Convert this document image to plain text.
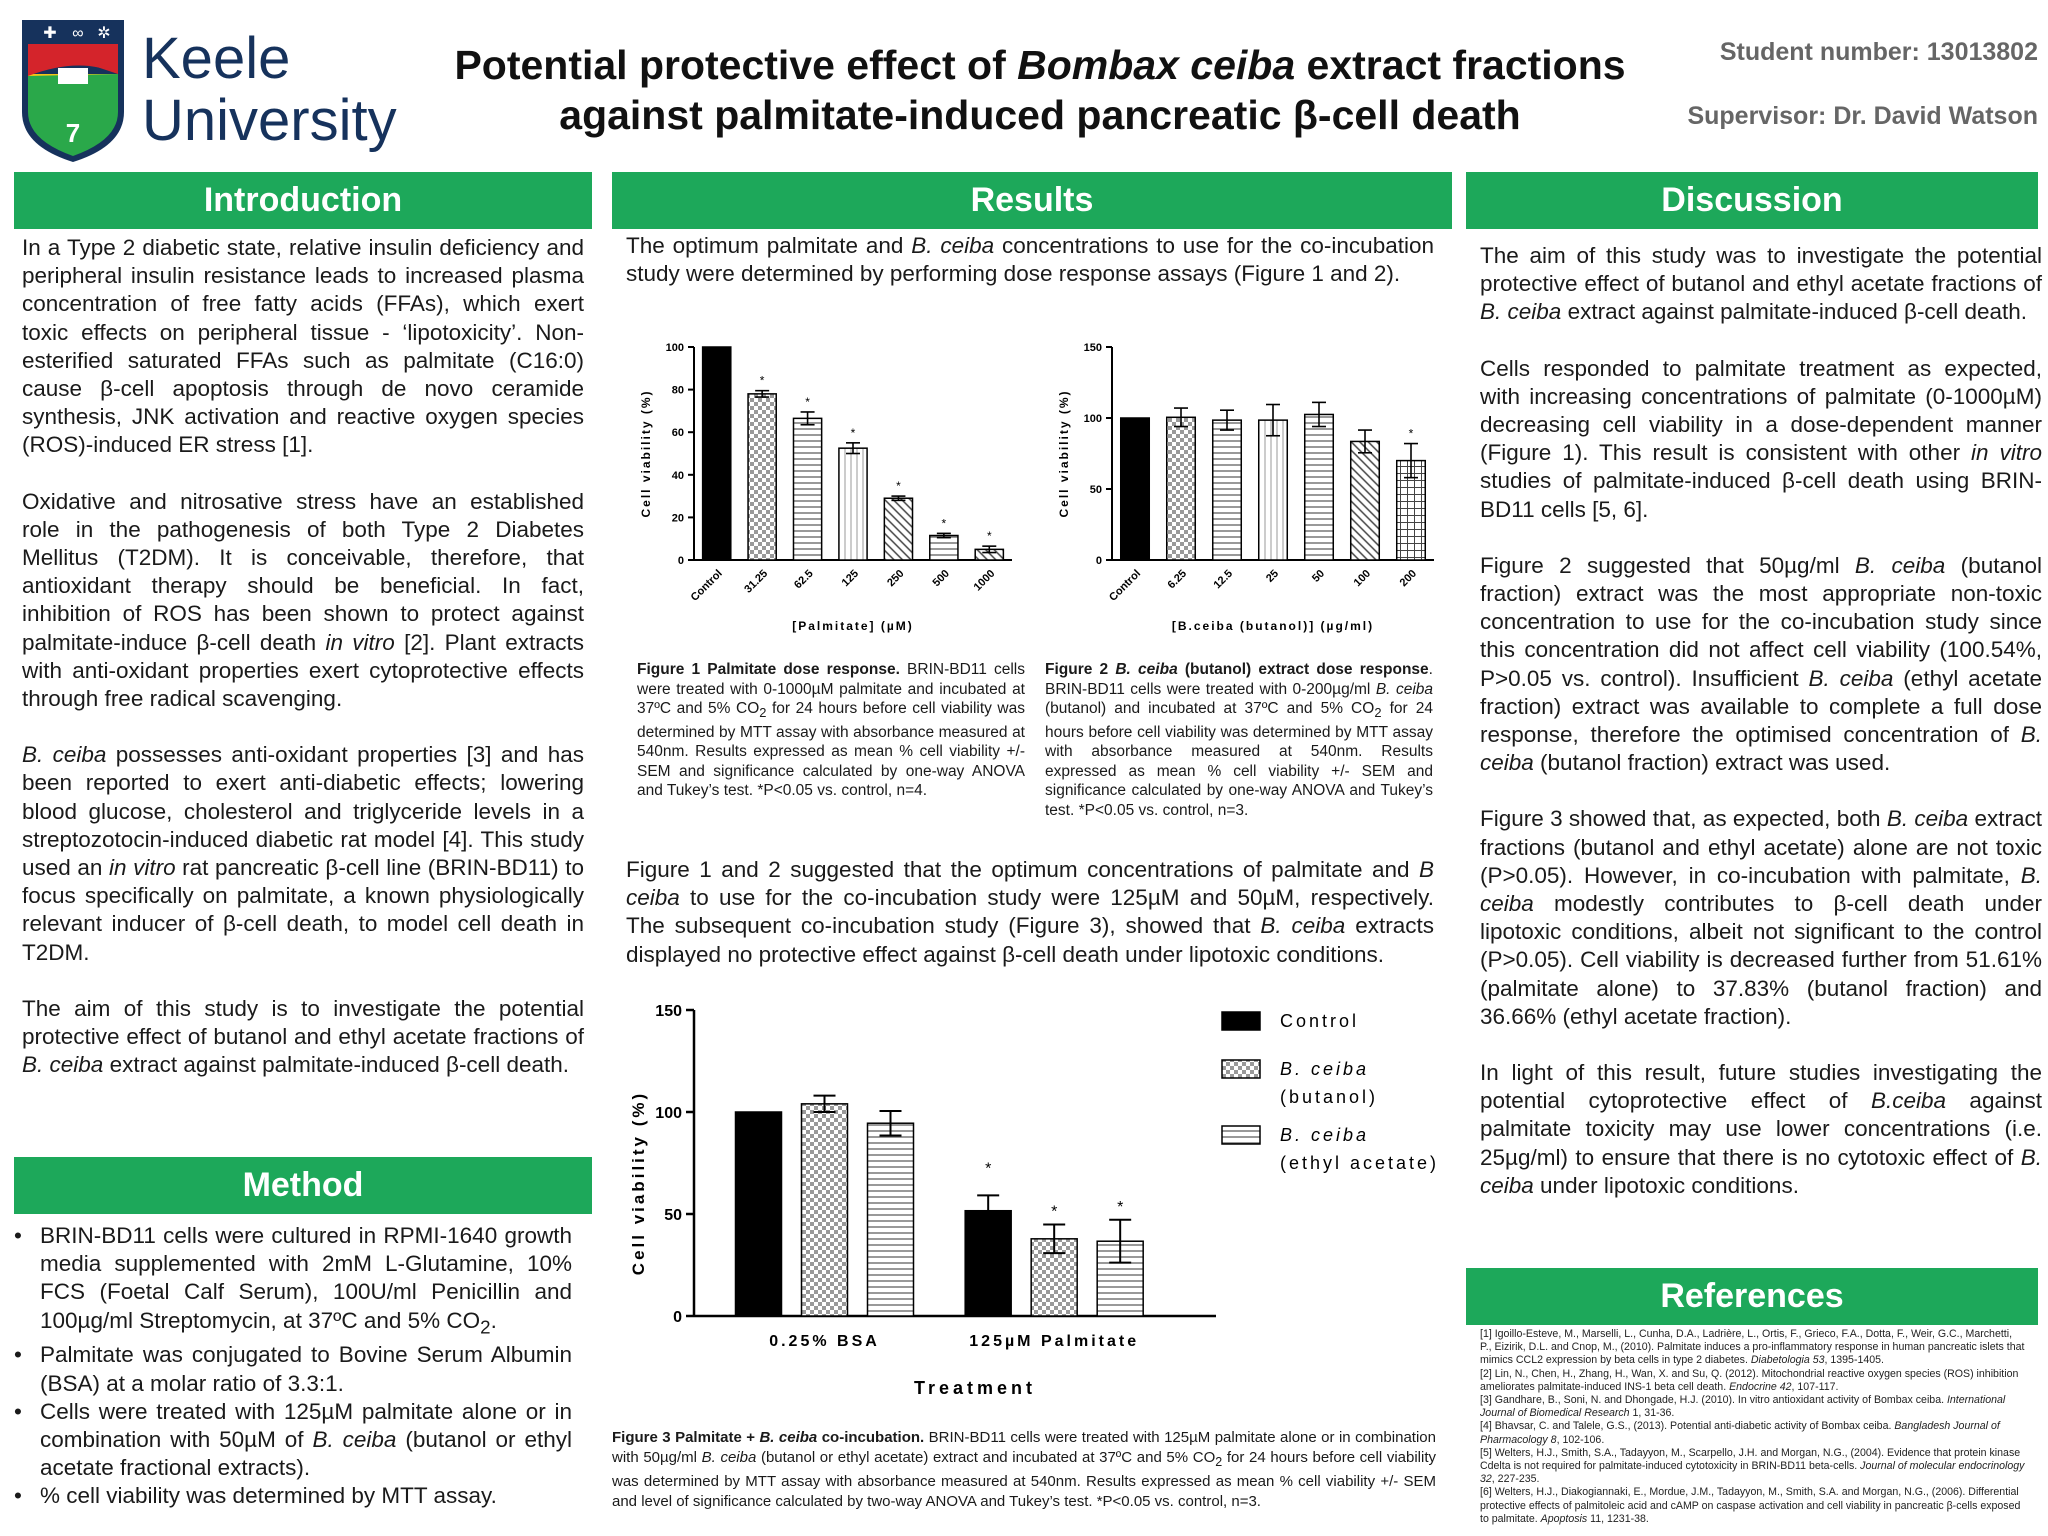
7
✚ ∞ ✲ Keele
University
Potential protective effect of Bombax ceiba extract fractions
against palmitate-induced pancreatic β-cell death
Student number: 13013802
Supervisor: Dr. David Watson
Introduction	Results	Discussion
Method
References

In a Type 2 diabetic state, relative insulin deficiency and peripheral insulin resistance leads to increased plasma concentration of free fatty acids (FFAs), which exert toxic effects on peripheral tissue - ‘lipotoxicity’. Non-esterified saturated FFAs such as palmitate (C16:0) cause β-cell apoptosis through de novo ceramide synthesis, JNK activation and reactive oxygen species (ROS)-induced ER stress [1].

Oxidative and nitrosative stress have an established role in the pathogenesis of both Type 2 Diabetes Mellitus (T2DM). It is conceivable, therefore, that antioxidant therapy should be beneficial. In fact, inhibition of ROS has been shown to protect against palmitate-induce β-cell death in vitro [2]. Plant extracts with anti-oxidant properties exert cytoprotective effects through free radical scavenging.

B. ceiba possesses anti-oxidant properties [3] and has been reported to exert anti-diabetic effects; lowering blood glucose, cholesterol and triglyceride levels in a streptozotocin-induced diabetic rat model [4]. This study used an in vitro rat pancreatic β-cell line (BRIN-BD11) to focus specifically on palmitate, a known physiologically relevant inducer of β-cell death, to model cell death in T2DM.

The aim of this study is to investigate the potential protective effect of butanol and ethyl acetate fractions of B. ceiba extract against palmitate-induced β-cell death.

• BRIN-BD11 cells were cultured in RPMI-1640 growth media supplemented with 2mM L-Glutamine, 10% FCS (Foetal Calf Serum), 100U/ml Penicillin and 100µg/ml Streptomycin, at 37ºC and 5% $CO_2$.
• Palmitate was conjugated to Bovine Serum Albumin (BSA) at a molar ratio of 3.3:1.
• Cells were treated with 125µM palmitate alone or in combination with 50µM of B. ceiba (butanol or ethyl acetate fractional extracts).
• % cell viability was determined by MTT assay.

The optimum palmitate and B. ceiba concentrations to use for the co-incubation study were determined by performing dose response assays (Figure 1 and 2).

0
20
40
60
80
100
Control
*
31.25
*
62.5
*
125
*
250
*
500
*
1000
Cell viability (%)
[Palmitate] (µM)
0
50
100
150
Control 6.25 12.5	25	50 100
*
200
Cell viability (%)
[B.ceiba (butanol)] (µg/ml)
Figure 1 Palmitate dose response. BRIN-BD11 cells were treated with 0-1000µM palmitate and incubated at 37ºC and 5% $CO_2$ for 24 hours before cell viability was determined by MTT assay with absorbance measured at 540nm. Results expressed as mean % cell viability +/- SEM and significance calculated by one-way ANOVA and Tukey’s test. *P<0.05 vs. control, n=4.
Figure 2 B. ceiba (butanol) extract dose response. BRIN-BD11 cells were treated with 0-200µg/ml B. ceiba (butanol) and incubated at 37ºC and 5% $CO_2$ for 24 hours before cell viability was determined by MTT assay with absorbance measured at 540nm. Results expressed as mean % cell viability +/- SEM and significance calculated by one-way ANOVA and Tukey’s test. *P<0.05 vs. control, n=3.

Figure 1 and 2 suggested that the optimum concentrations of palmitate and B ceiba to use for the co-incubation study were 125µM and 50µM, respectively. The subsequent co-incubation study (Figure 3), showed that B. ceiba extracts displayed no protective effect against β-cell death under lipotoxic conditions.

0
50
100
150
0.25% BSA
*
*	*
125µM Palmitate
Cell viability (%)
Treatment
Control
B. ceiba
(butanol)
B. ceiba
(ethyl acetate)
Figure 3 Palmitate + B. ceiba co-incubation. BRIN-BD11 cells were treated with 125µM palmitate alone or in combination with 50µg/ml B. ceiba (butanol or ethyl acetate) extract and incubated at 37ºC and 5% $CO_2$ for 24 hours before cell viability was determined by MTT assay with absorbance measured at 540nm. Results expressed as mean % cell viability +/- SEM and level of significance calculated by two-way ANOVA and Tukey’s test. *P<0.05 vs. control, n=3.

The aim of this study was to investigate the potential protective effect of butanol and ethyl acetate fractions of B. ceiba extract against palmitate-induced β-cell death.

Cells responded to palmitate treatment as expected, with increasing concentrations of palmitate (0-1000µM) decreasing cell viability in a dose-dependent manner (Figure 1). This result is consistent with other in vitro studies of palmitate-induced β-cell death using BRIN-BD11 cells [5, 6].

Figure 2 suggested that 50µg/ml B. ceiba (butanol fraction) extract was the most appropriate non-toxic concentration to use for the co-incubation study since this concentration did not affect cell viability (100.54%, P>0.05 vs. control). Insufficient B. ceiba (ethyl acetate fraction) extract was available to complete a full dose response, therefore the optimised concentration of B. ceiba (butanol fraction) extract was used.

Figure 3 showed that, as expected, both B. ceiba extract fractions (butanol and ethyl acetate) alone are not toxic (P>0.05). However, in co-incubation with palmitate, B. ceiba modestly contributes to β-cell death under lipotoxic conditions, albeit not significant to the control (P>0.05). Cell viability is decreased further from 51.61% (palmitate alone) to 37.83% (butanol fraction) and 36.66% (ethyl acetate fraction).

In light of this result, future studies investigating the potential cytoprotective effect of B.ceiba against palmitate toxicity may use lower concentrations (i.e. 25µg/ml) to ensure that there is no cytotoxic effect of B. ceiba under lipotoxic conditions.

[1] Igoillo-Esteve, M., Marselli, L., Cunha, D.A., Ladrière, L., Ortis, F., Grieco, F.A., Dotta, F., Weir, G.C., Marchetti, P., Eizirik, D.L. and Cnop, M., (2010). Palmitate induces a pro-inflammatory response in human pancreatic islets that mimics CCL2 expression by beta cells in type 2 diabetes. Diabetologia 53, 1395-1405.
[2] Lin, N., Chen, H., Zhang, H., Wan, X. and Su, Q. (2012). Mitochondrial reactive oxygen species (ROS) inhibition ameliorates palmitate-induced INS-1 beta cell death. Endocrine 42, 107-117.
[3] Gandhare, B., Soni, N. and Dhongade, H.J. (2010). In vitro antioxidant activity of Bombax ceiba. International Journal of Biomedical Research 1, 31-36.
[4] Bhavsar, C. and Talele, G.S., (2013). Potential anti-diabetic activity of Bombax ceiba. Bangladesh Journal of Pharmacology 8, 102-106.
[5] Welters, H.J., Smith, S.A., Tadayyon, M., Scarpello, J.H. and Morgan, N.G., (2004). Evidence that protein kinase Cdelta is not required for palmitate-induced cytotoxicity in BRIN-BD11 beta-cells. Journal of molecular endocrinology 32, 227-235.
[6] Welters, H.J., Diakogiannaki, E., Mordue, J.M., Tadayyon, M., Smith, S.A. and Morgan, N.G., (2006). Differential protective effects of palmitoleic acid and cAMP on caspase activation and cell viability in pancreatic β-cells exposed to palmitate. Apoptosis 11, 1231-38.
